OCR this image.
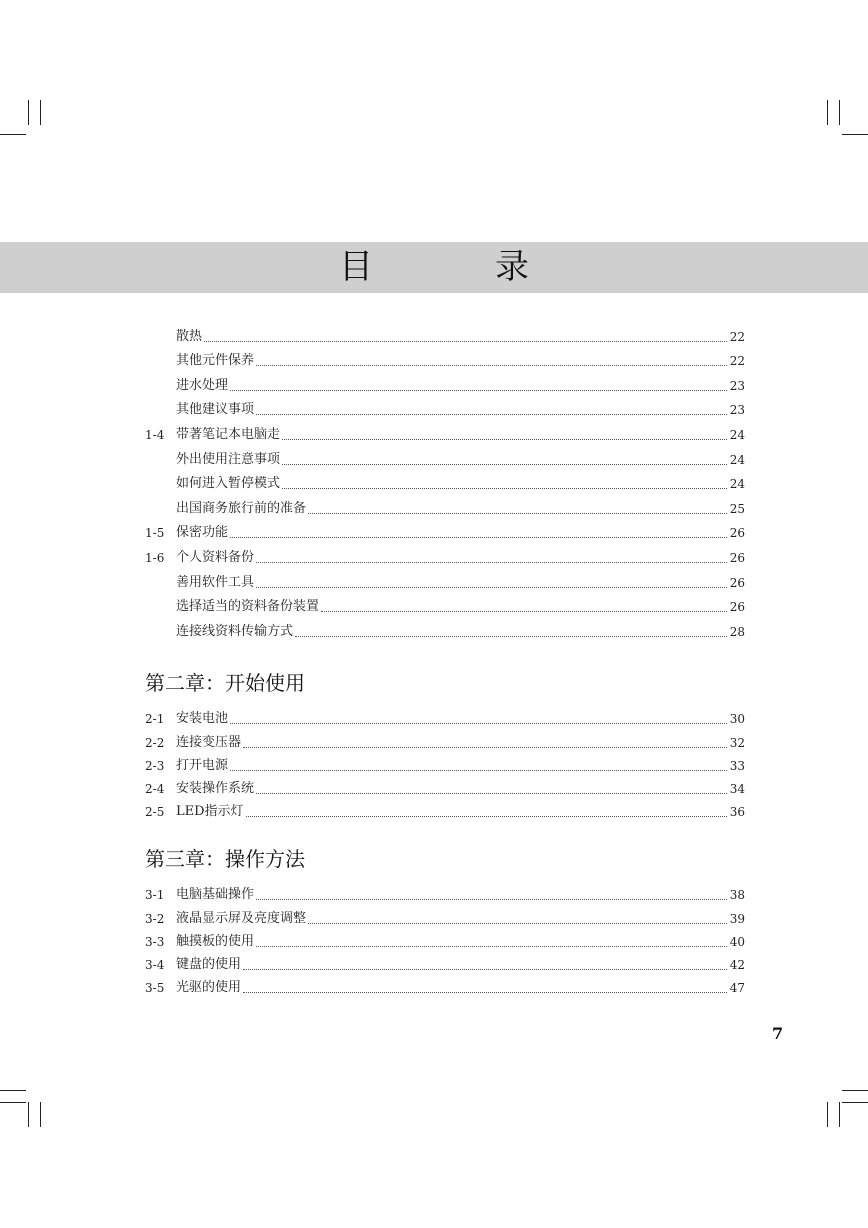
目　录
散热	22
其他元件保养	22
进水处理	23
其他建议事项	23
1-4 带著笔记本电脑走	24
外出使用注意事项	24
如何进入暂停模式	24
出国商务旅行前的准备	25
1-5 保密功能	26
1-6 个人资料备份	26
善用软件工具	26
选择适当的资料备份装置	26
连接线资料传输方式	28
第二章：开始使用
2-1 安装电池	30
2-2 连接变压器	32
2-3 打开电源	33
2-4 安装操作系统	34
2-5 LED指示灯	36
第三章：操作方法
3-1 电脑基础操作	38
3-2 液晶显示屏及亮度调整	39
3-3 触摸板的使用	40
3-4 键盘的使用	42
3-5 光驱的使用	47
7
